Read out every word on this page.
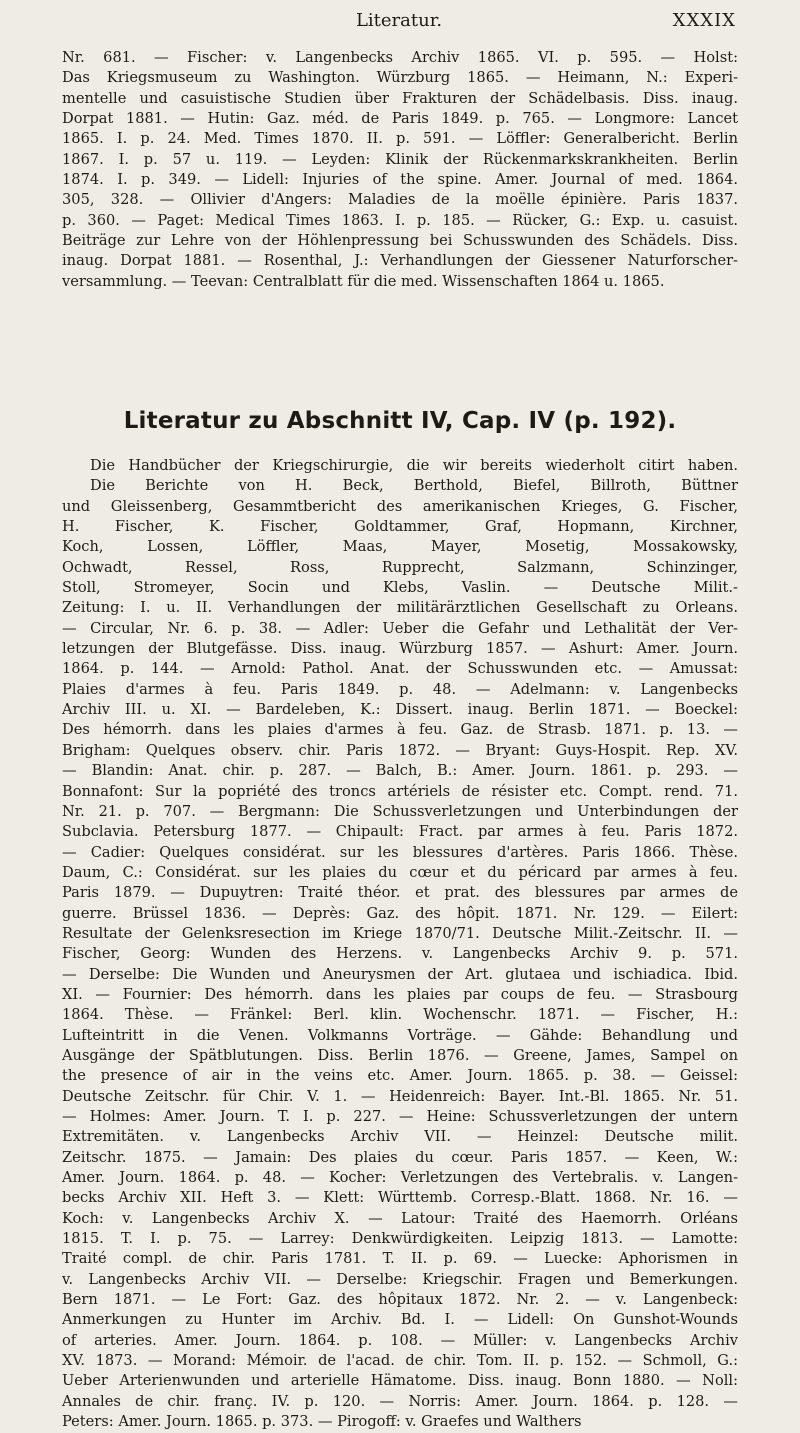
Literatur.	XXXIX
Nr. 681. — Fischer: v. Langenbecks Archiv 1865. VI. p. 595. — Holst:
Das Kriegsmuseum zu Washington. Würzburg 1865. — Heimann, N.: Experi-
mentelle und casuistische Studien über Frakturen der Schädelbasis. Diss. inaug.
Dorpat 1881. — Hutin: Gaz. méd. de Paris 1849. p. 765. — Longmore: Lancet
1865. I. p. 24. Med. Times 1870. II. p. 591. — Löffler: Generalbericht. Berlin
1867. I. p. 57 u. 119. — Leyden: Klinik der Rückenmarkskrankheiten. Berlin
1874. I. p. 349. — Lidell: Injuries of the spine. Amer. Journal of med. 1864.
305, 328. — Ollivier d'Angers: Maladies de la moëlle épinière. Paris 1837.
p. 360. — Paget: Medical Times 1863. I. p. 185. — Rücker, G.: Exp. u. casuist.
Beiträge zur Lehre von der Höhlenpressung bei Schusswunden des Schädels. Diss.
inaug. Dorpat 1881. — Rosenthal, J.: Verhandlungen der Giessener Naturforscher-
versammlung. — Teevan: Centralblatt für die med. Wissenschaften 1864 u. 1865.
Literatur zu Abschnitt IV, Cap. IV (p. 192).
Die Handbücher der Kriegschirurgie, die wir bereits wiederholt citirt haben.
Die Berichte von H. Beck, Berthold, Biefel, Billroth, Büttner
und Gleissenberg, Gesammtbericht des amerikanischen Krieges, G. Fischer,
H. Fischer, K. Fischer, Goldtammer, Graf, Hopmann, Kirchner,
Koch, Lossen, Löffler, Maas, Mayer, Mosetig, Mossakowsky,
Ochwadt, Ressel, Ross, Rupprecht, Salzmann, Schinzinger,
Stoll, Stromeyer, Socin und Klebs, Vaslin. — Deutsche Milit.-
Zeitung: I. u. II. Verhandlungen der militärärztlichen Gesellschaft zu Orleans.
— Circular, Nr. 6. p. 38. — Adler: Ueber die Gefahr und Lethalität der Ver-
letzungen der Blutgefässe. Diss. inaug. Würzburg 1857. — Ashurt: Amer. Journ.
1864. p. 144. — Arnold: Pathol. Anat. der Schusswunden etc. — Amussat:
Plaies d'armes à feu. Paris 1849. p. 48. — Adelmann: v. Langenbecks
Archiv III. u. XI. — Bardeleben, K.: Dissert. inaug. Berlin 1871. — Boeckel:
Des hémorrh. dans les plaies d'armes à feu. Gaz. de Strasb. 1871. p. 13. —
Brigham: Quelques observ. chir. Paris 1872. — Bryant: Guys-Hospit. Rep. XV.
— Blandin: Anat. chir. p. 287. — Balch, B.: Amer. Journ. 1861. p. 293. —
Bonnafont: Sur la popriété des troncs artériels de résister etc. Compt. rend. 71.
Nr. 21. p. 707. — Bergmann: Die Schussverletzungen und Unterbindungen der
Subclavia. Petersburg 1877. — Chipault: Fract. par armes à feu. Paris 1872.
— Cadier: Quelques considérat. sur les blessures d'artères. Paris 1866. Thèse.
Daum, C.: Considérat. sur les plaies du cœur et du péricard par armes à feu.
Paris 1879. — Dupuytren: Traité théor. et prat. des blessures par armes de
guerre. Brüssel 1836. — Deprès: Gaz. des hôpit. 1871. Nr. 129. — Eilert:
Resultate der Gelenksresection im Kriege 1870/71. Deutsche Milit.-Zeitschr. II. —
Fischer, Georg: Wunden des Herzens. v. Langenbecks Archiv 9. p. 571.
— Derselbe: Die Wunden und Aneurysmen der Art. glutaea und ischiadica. Ibid.
XI. — Fournier: Des hémorrh. dans les plaies par coups de feu. — Strasbourg
1864. Thèse. — Fränkel: Berl. klin. Wochenschr. 1871. — Fischer, H.:
Lufteintritt in die Venen. Volkmanns Vorträge. — Gähde: Behandlung und
Ausgänge der Spätblutungen. Diss. Berlin 1876. — Greene, James, Sampel on
the presence of air in the veins etc. Amer. Journ. 1865. p. 38. — Geissel:
Deutsche Zeitschr. für Chir. V. 1. — Heidenreich: Bayer. Int.-Bl. 1865. Nr. 51.
— Holmes: Amer. Journ. T. I. p. 227. — Heine: Schussverletzungen der untern
Extremitäten. v. Langenbecks Archiv VII. — Heinzel: Deutsche milit.
Zeitschr. 1875. — Jamain: Des plaies du cœur. Paris 1857. — Keen, W.:
Amer. Journ. 1864. p. 48. — Kocher: Verletzungen des Vertebralis. v. Langen-
becks Archiv XII. Heft 3. — Klett: Württemb. Corresp.-Blatt. 1868. Nr. 16. —
Koch: v. Langenbecks Archiv X. — Latour: Traité des Haemorrh. Orléans
1815. T. I. p. 75. — Larrey: Denkwürdigkeiten. Leipzig 1813. — Lamotte:
Traité compl. de chir. Paris 1781. T. II. p. 69. — Luecke: Aphorismen in
v. Langenbecks Archiv VII. — Derselbe: Kriegschir. Fragen und Bemerkungen.
Bern 1871. — Le Fort: Gaz. des hôpitaux 1872. Nr. 2. — v. Langenbeck:
Anmerkungen zu Hunter im Archiv. Bd. I. — Lidell: On Gunshot-Wounds
of arteries. Amer. Journ. 1864. p. 108. — Müller: v. Langenbecks Archiv
XV. 1873. — Morand: Mémoir. de l'acad. de chir. Tom. II. p. 152. — Schmoll, G.:
Ueber Arterienwunden und arterielle Hämatome. Diss. inaug. Bonn 1880. — Noll:
Annales de chir. franç. IV. p. 120. — Norris: Amer. Journ. 1864. p. 128. —
Peters: Amer. Journ. 1865. p. 373. — Pirogoff: v. Graefes und Walthers
